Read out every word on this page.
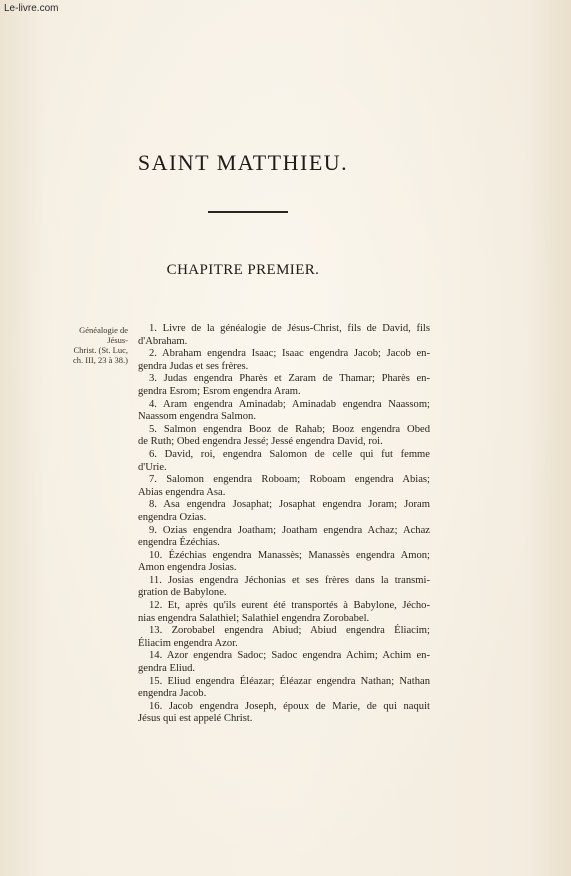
Le-livre.com
SAINT MATTHIEU.
CHAPITRE PREMIER.
Généalogie de Jésus-
Christ. (St. Luc,
ch. III, 23 à 38.)
1. Livre de la généalogie de Jésus-Christ, fils de David, fils
d'Abraham.
2. Abraham engendra Isaac; Isaac engendra Jacob; Jacob en-
gendra Judas et ses frères.
3. Judas engendra Pharès et Zaram de Thamar; Pharès en-
gendra Esrom; Esrom engendra Aram.
4. Aram engendra Aminadab; Aminadab engendra Naassom;
Naassom engendra Salmon.
5. Salmon engendra Booz de Rahab; Booz engendra Obed
de Ruth; Obed engendra Jessé; Jessé engendra David, roi.
6. David, roi, engendra Salomon de celle qui fut femme
d'Urie.
7. Salomon engendra Roboam; Roboam engendra Abias;
Abias engendra Asa.
8. Asa engendra Josaphat; Josaphat engendra Joram; Joram
engendra Ozias.
9. Ozias engendra Joatham; Joatham engendra Achaz; Achaz
engendra Ézéchias.
10. Ézéchias engendra Manassès; Manassès engendra Amon;
Amon engendra Josias.
11. Josias engendra Jéchonias et ses frères dans la transmi-
gration de Babylone.
12. Et, après qu'ils eurent été transportés à Babylone, Jécho-
nias engendra Salathiel; Salathiel engendra Zorobabel.
13. Zorobabel engendra Abiud; Abiud engendra Éliacim;
Éliacim engendra Azor.
14. Azor engendra Sadoc; Sadoc engendra Achim; Achim en-
gendra Eliud.
15. Eliud engendra Éléazar; Éléazar engendra Nathan; Nathan
engendra Jacob.
16. Jacob engendra Joseph, époux de Marie, de qui naquit
Jésus qui est appelé Christ.
